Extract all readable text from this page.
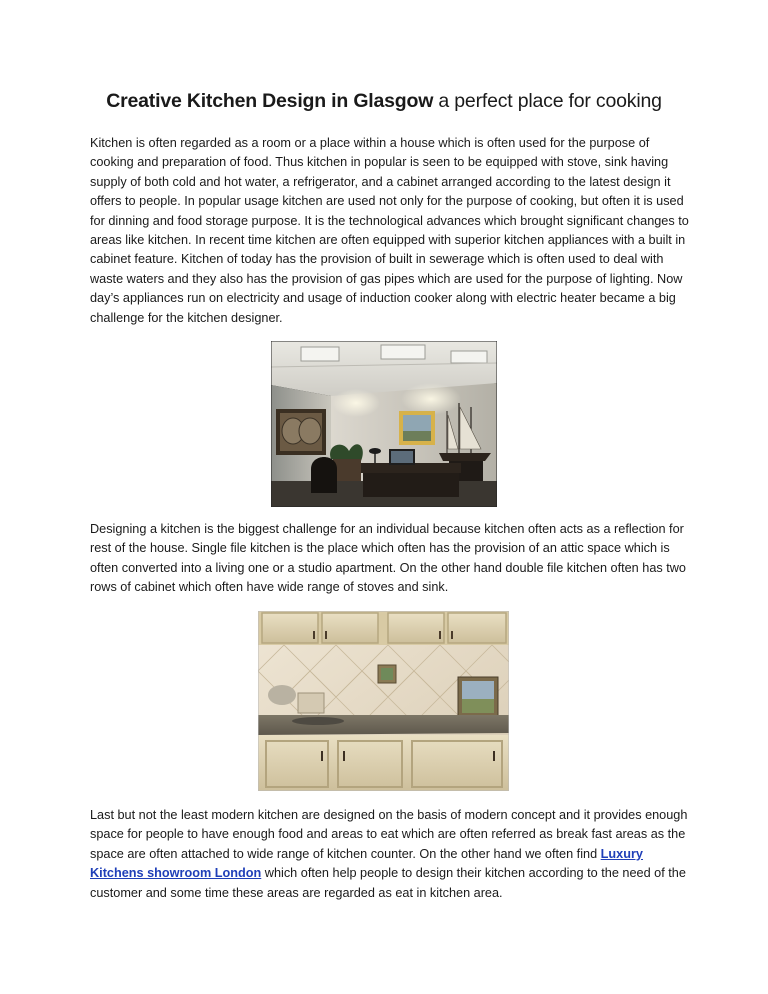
Creative Kitchen Design in Glasgow a perfect place for cooking

Kitchen is often regarded as a room or a place within a house which is often used for the purpose of cooking and preparation of food. Thus kitchen in popular is seen to be equipped with stove, sink having supply of both cold and hot water, a refrigerator, and a cabinet arranged according to the latest design it offers to people. In popular usage kitchen are used not only for the purpose of cooking, but often it is used for dinning and food storage purpose. It is the technological advances which brought significant changes to areas like kitchen. In recent time kitchen are often equipped with superior kitchen appliances with a built in cabinet feature. Kitchen of today has the provision of built in sewerage which is often used to deal with waste waters and they also has the provision of gas pipes which are used for the purpose of lighting. Now day’s appliances run on electricity and usage of induction cooker along with electric heater became a big challenge for the kitchen designer.

Designing a kitchen is the biggest challenge for an individual because kitchen often acts as a reflection for rest of the house. Single file kitchen is the place which often has the provision of an attic space which is often converted into a living one or a studio apartment. On the other hand double file kitchen often has two rows of cabinet which often have wide range of stoves and sink.

Last but not the least modern kitchen are designed on the basis of modern concept and it provides enough space for people to have enough food and areas to eat which are often referred as break fast areas as the space are often attached to wide range of kitchen counter. On the other hand we often find Luxury Kitchens showroom London which often help people to design their kitchen according to the need of the customer and some time these areas are regarded as eat in kitchen area.
